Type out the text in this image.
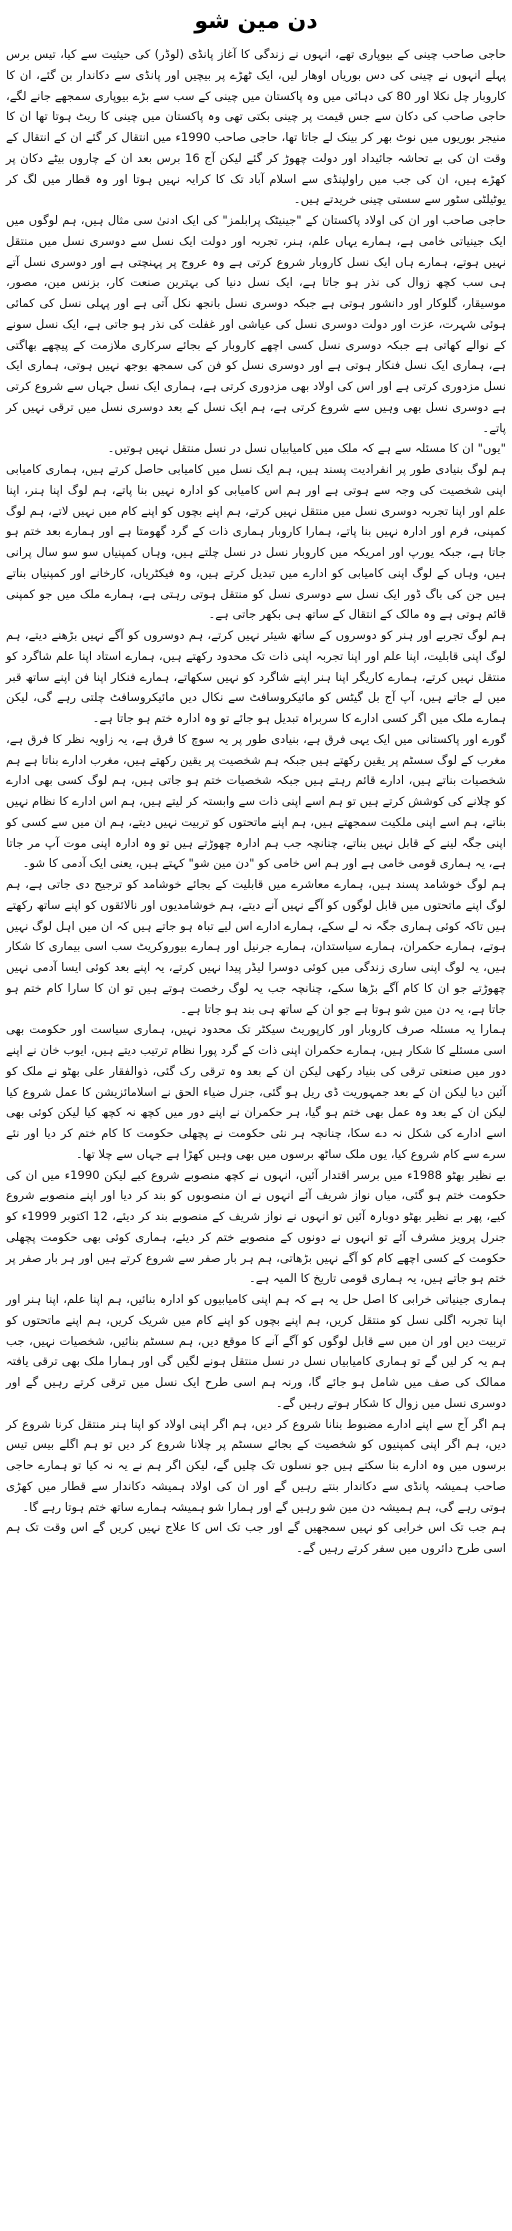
دن مین شو

حاجی صاحب چینی کے بیوپاری تھے، انہوں نے زندگی کا آغاز پانڈی (لوڈر) کی حیثیت سے کیا، تیس برس پہلے انہوں نے چینی کی دس بوریاں اوھار لیں، ایک ٹھڑے پر بیچیں اور پانڈی سے دکاندار بن گئے، ان کا کاروبار چل نکلا اور 80 کی دہائی میں وہ پاکستان میں چینی کے سب سے بڑے بیوپاری سمجھے جانے لگے، حاجی صاحب کی دکان سے جس قیمت پر چینی بکتی تھی وہ پاکستان میں چینی کا ریٹ ہوتا تھا ان کا منیجر بوریوں میں نوٹ بھر کر بینک لے جاتا تھا، حاجی صاحب 1990ء میں انتقال کر گئے ان کے انتقال کے وقت ان کی بے تحاشہ جائیداد اور دولت چھوڑ کر گئے لیکن آج 16 برس بعد ان کے چاروں بیٹے دکان پر کھڑے ہیں، ان کی جب میں راولپنڈی سے اسلام آباد تک کا کرایہ نہیں ہوتا اور وہ قطار میں لگ کر یوٹیلٹی سٹور سے سستی چینی خریدتے ہیں۔

حاجی صاحب اور ان کی اولاد پاکستان کے "جینیٹک پرابلمز" کی ایک ادنیٰ سی مثال ہیں، ہم لوگوں میں ایک جینیاتی خامی ہے، ہمارے یہاں علم، ہنر، تجربہ اور دولت ایک نسل سے دوسری نسل میں منتقل نہیں ہوتے، ہمارے ہاں ایک نسل کاروبار شروع کرتی ہے وہ عروج پر پہنچتی ہے اور دوسری نسل آتے ہی سب کچھ زوال کی نذر ہو جاتا ہے، ایک نسل دنیا کی بہترین صنعت کار، بزنس مین، مصور، موسیقار، گلوکار اور دانشور ہوتی ہے جبکہ دوسری نسل بانجھ نکل آتی ہے اور پہلی نسل کی کمائی ہوئی شہرت، عزت اور دولت دوسری نسل کی عیاشی اور غفلت کی نذر ہو جاتی ہے، ایک نسل سونے کے نوالے کھاتی ہے جبکہ دوسری نسل کسی اچھے کاروبار کے بجائے سرکاری ملازمت کے پیچھے بھاگتی ہے، ہماری ایک نسل فنکار ہوتی ہے اور دوسری نسل کو فن کی سمجھ بوجھ نہیں ہوتی، ہماری ایک نسل مزدوری کرتی ہے اور اس کی اولاد بھی مزدوری کرتی ہے، ہماری ایک نسل جہاں سے شروع کرتی ہے دوسری نسل بھی وہیں سے شروع کرتی ہے، ہم ایک نسل کے بعد دوسری نسل میں ترقی نہیں کر پاتے۔

"یوں" ان کا مسئلہ سے ہے کہ ملک میں کامیابیاں نسل در نسل منتقل نہیں ہوتیں۔

ہم لوگ بنیادی طور پر انفرادیت پسند ہیں، ہم ایک نسل میں کامیابی حاصل کرتے ہیں، ہماری کامیابی اپنی شخصیت کی وجہ سے ہوتی ہے اور ہم اس کامیابی کو ادارہ نہیں بنا پاتے، ہم لوگ اپنا ہنر، اپنا علم اور اپنا تجربہ دوسری نسل میں منتقل نہیں کرتے، ہم اپنے بچوں کو اپنے کام میں نہیں لاتے، ہم لوگ کمپنی، فرم اور ادارہ نہیں بنا پاتے، ہمارا کاروبار ہماری ذات کے گرد گھومتا ہے اور ہمارے بعد ختم ہو جاتا ہے، جبکہ یورپ اور امریکہ میں کاروبار نسل در نسل چلتے ہیں، وہاں کمپنیاں سو سو سال پرانی ہیں، وہاں کے لوگ اپنی کامیابی کو ادارے میں تبدیل کرتے ہیں، وہ فیکٹریاں، کارخانے اور کمپنیاں بناتے ہیں جن کی باگ ڈور ایک نسل سے دوسری نسل کو منتقل ہوتی رہتی ہے، ہمارے ملک میں جو کمپنی قائم ہوتی ہے وہ مالک کے انتقال کے ساتھ ہی بکھر جاتی ہے۔

ہم لوگ تجربے اور ہنر کو دوسروں کے ساتھ شیئر نہیں کرتے، ہم دوسروں کو آگے نہیں بڑھنے دیتے، ہم لوگ اپنی قابلیت، اپنا علم اور اپنا تجربہ اپنی ذات تک محدود رکھتے ہیں، ہمارے استاد اپنا علم شاگرد کو منتقل نہیں کرتے، ہمارے کاریگر اپنا ہنر اپنے شاگرد کو نہیں سکھاتے، ہمارے فنکار اپنا فن اپنے ساتھ قبر میں لے جاتے ہیں، آپ آج بل گیٹس کو مائیکروسافٹ سے نکال دیں مائیکروسافٹ چلتی رہے گی، لیکن ہمارے ملک میں اگر کسی ادارے کا سربراہ تبدیل ہو جائے تو وہ ادارہ ختم ہو جاتا ہے۔

گورے اور پاکستانی میں ایک یہی فرق ہے، بنیادی طور پر یہ سوچ کا فرق ہے، یہ زاویہ نظر کا فرق ہے، مغرب کے لوگ سسٹم پر یقین رکھتے ہیں جبکہ ہم شخصیت پر یقین رکھتے ہیں، مغرب ادارے بناتا ہے ہم شخصیات بناتے ہیں، ادارے قائم رہتے ہیں جبکہ شخصیات ختم ہو جاتی ہیں، ہم لوگ کسی بھی ادارے کو چلانے کی کوشش کرتے ہیں تو ہم اسے اپنی ذات سے وابستہ کر لیتے ہیں، ہم اس ادارے کا نظام نہیں بناتے، ہم اسے اپنی ملکیت سمجھتے ہیں، ہم اپنے ماتحتوں کو تربیت نہیں دیتے، ہم ان میں سے کسی کو اپنی جگہ لینے کے قابل نہیں بناتے، چنانچہ جب ہم ادارہ چھوڑتے ہیں تو وہ ادارہ اپنی موت آپ مر جاتا ہے، یہ ہماری قومی خامی ہے اور ہم اس خامی کو "دن مین شو" کہتے ہیں، یعنی ایک آدمی کا شو۔

ہم لوگ خوشامد پسند ہیں، ہمارے معاشرے میں قابلیت کے بجائے خوشامد کو ترجیح دی جاتی ہے، ہم لوگ اپنے ماتحتوں میں قابل لوگوں کو آگے نہیں آنے دیتے، ہم خوشامدیوں اور نالائقوں کو اپنے ساتھ رکھتے ہیں تاکہ کوئی ہماری جگہ نہ لے سکے، ہمارے ادارے اس لیے تباہ ہو جاتے ہیں کہ ان میں اہل لوگ نہیں ہوتے، ہمارے حکمران، ہمارے سیاستدان، ہمارے جرنیل اور ہمارے بیوروکریٹ سب اسی بیماری کا شکار ہیں، یہ لوگ اپنی ساری زندگی میں کوئی دوسرا لیڈر پیدا نہیں کرتے، یہ اپنے بعد کوئی ایسا آدمی نہیں چھوڑتے جو ان کا کام آگے بڑھا سکے، چنانچہ جب یہ لوگ رخصت ہوتے ہیں تو ان کا سارا کام ختم ہو جاتا ہے، یہ دن مین شو ہوتا ہے جو ان کے ساتھ ہی بند ہو جاتا ہے۔

ہمارا یہ مسئلہ صرف کاروبار اور کارپوریٹ سیکٹر تک محدود نہیں، ہماری سیاست اور حکومت بھی اسی مسئلے کا شکار ہیں، ہمارے حکمران اپنی ذات کے گرد پورا نظام ترتیب دیتے ہیں، ایوب خان نے اپنے دور میں صنعتی ترقی کی بنیاد رکھی لیکن ان کے بعد وہ ترقی رک گئی، ذوالفقار علی بھٹو نے ملک کو آئین دیا لیکن ان کے بعد جمہوریت ڈی ریل ہو گئی، جنرل ضیاء الحق نے اسلامائزیشن کا عمل شروع کیا لیکن ان کے بعد وہ عمل بھی ختم ہو گیا، ہر حکمران نے اپنے دور میں کچھ نہ کچھ کیا لیکن کوئی بھی اسے ادارے کی شکل نہ دے سکا، چنانچہ ہر نئی حکومت نے پچھلی حکومت کا کام ختم کر دیا اور نئے سرے سے کام شروع کیا، یوں ملک ساٹھ برسوں میں بھی وہیں کھڑا ہے جہاں سے چلا تھا۔

بے نظیر بھٹو 1988ء میں برسر اقتدار آئیں، انہوں نے کچھ منصوبے شروع کیے لیکن 1990ء میں ان کی حکومت ختم ہو گئی، میاں نواز شریف آئے انہوں نے ان منصوبوں کو بند کر دیا اور اپنے منصوبے شروع کیے، پھر بے نظیر بھٹو دوبارہ آئیں تو انہوں نے نواز شریف کے منصوبے بند کر دیئے، 12 اکتوبر 1999ء کو جنرل پرویز مشرف آئے تو انہوں نے دونوں کے منصوبے ختم کر دیئے، ہماری کوئی بھی حکومت پچھلی حکومت کے کسی اچھے کام کو آگے نہیں بڑھاتی، ہم ہر بار صفر سے شروع کرتے ہیں اور ہر بار صفر پر ختم ہو جاتے ہیں، یہ ہماری قومی تاریخ کا المیہ ہے۔

ہماری جینیاتی خرابی کا اصل حل یہ ہے کہ ہم اپنی کامیابیوں کو ادارہ بنائیں، ہم اپنا علم، اپنا ہنر اور اپنا تجربہ اگلی نسل کو منتقل کریں، ہم اپنے بچوں کو اپنے کام میں شریک کریں، ہم اپنے ماتحتوں کو تربیت دیں اور ان میں سے قابل لوگوں کو آگے آنے کا موقع دیں، ہم سسٹم بنائیں، شخصیات نہیں، جب ہم یہ کر لیں گے تو ہماری کامیابیاں نسل در نسل منتقل ہونے لگیں گی اور ہمارا ملک بھی ترقی یافتہ ممالک کی صف میں شامل ہو جائے گا، ورنہ ہم اسی طرح ایک نسل میں ترقی کرتے رہیں گے اور دوسری نسل میں زوال کا شکار ہوتے رہیں گے۔

ہم اگر آج سے اپنے ادارے مضبوط بنانا شروع کر دیں، ہم اگر اپنی اولاد کو اپنا ہنر منتقل کرنا شروع کر دیں، ہم اگر اپنی کمپنیوں کو شخصیت کے بجائے سسٹم پر چلانا شروع کر دیں تو ہم اگلے بیس تیس برسوں میں وہ ادارے بنا سکتے ہیں جو نسلوں تک چلیں گے، لیکن اگر ہم نے یہ نہ کیا تو ہمارے حاجی صاحب ہمیشہ پانڈی سے دکاندار بنتے رہیں گے اور ان کی اولاد ہمیشہ دکاندار سے قطار میں کھڑی ہوتی رہے گی، ہم ہمیشہ دن مین شو رہیں گے اور ہمارا شو ہمیشہ ہمارے ساتھ ختم ہوتا رہے گا۔

ہم جب تک اس خرابی کو نہیں سمجھیں گے اور جب تک اس کا علاج نہیں کریں گے اس وقت تک ہم اسی طرح دائروں میں سفر کرتے رہیں گے۔
